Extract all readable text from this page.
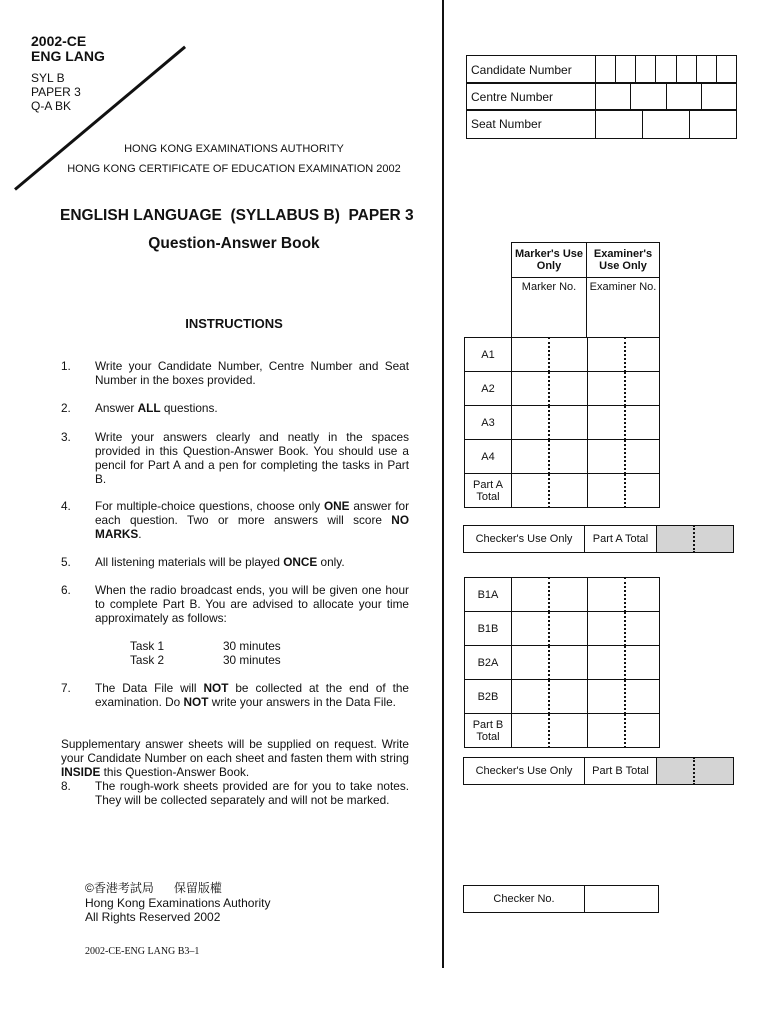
2002-CE
ENG LANG
SYL B
PAPER 3
Q-A BK
HONG KONG EXAMINATIONS AUTHORITY
HONG KONG CERTIFICATE OF EDUCATION EXAMINATION 2002
ENGLISH LANGUAGE  (SYLLABUS B)  PAPER 3
Question-Answer Book
INSTRUCTIONS
1. Write your Candidate Number, Centre Number and Seat Number in the boxes provided.
2. Answer ALL questions.
3. Write your answers clearly and neatly in the spaces provided in this Question-Answer Book. You should use a pencil for Part A and a pen for completing the tasks in Part B.
4. For multiple-choice questions, choose only ONE answer for each question. Two or more answers will score NO MARKS.
5. All listening materials will be played ONCE only.
6. When the radio broadcast ends, you will be given one hour to complete Part B. You are advised to allocate your time approximately as follows:
Task 1	30 minutes
Task 2	30 minutes
7. The Data File will NOT be collected at the end of the examination. Do NOT write your answers in the Data File.
Supplementary answer sheets will be supplied on request. Write your Candidate Number on each sheet and fasten them with string INSIDE this Question-Answer Book.
8. The rough-work sheets provided are for you to take notes. They will be collected separately and will not be marked.
©香港考試局      保留版權
Hong Kong Examinations Authority
All Rights Reserved 2002
2002-CE-ENG LANG B3–1
Candidate Number							
Centre Number				
Seat Number			
Marker's Use Only	Examiner's Use Only
Marker No.	Examiner No.
A1				
A2				
A3				
A4				
Part A Total				
Checker's Use Only	Part A Total		
B1A				
B1B				
B2A				
B2B				
Part B Total				
Checker's Use Only	Part B Total		
Checker No.	
